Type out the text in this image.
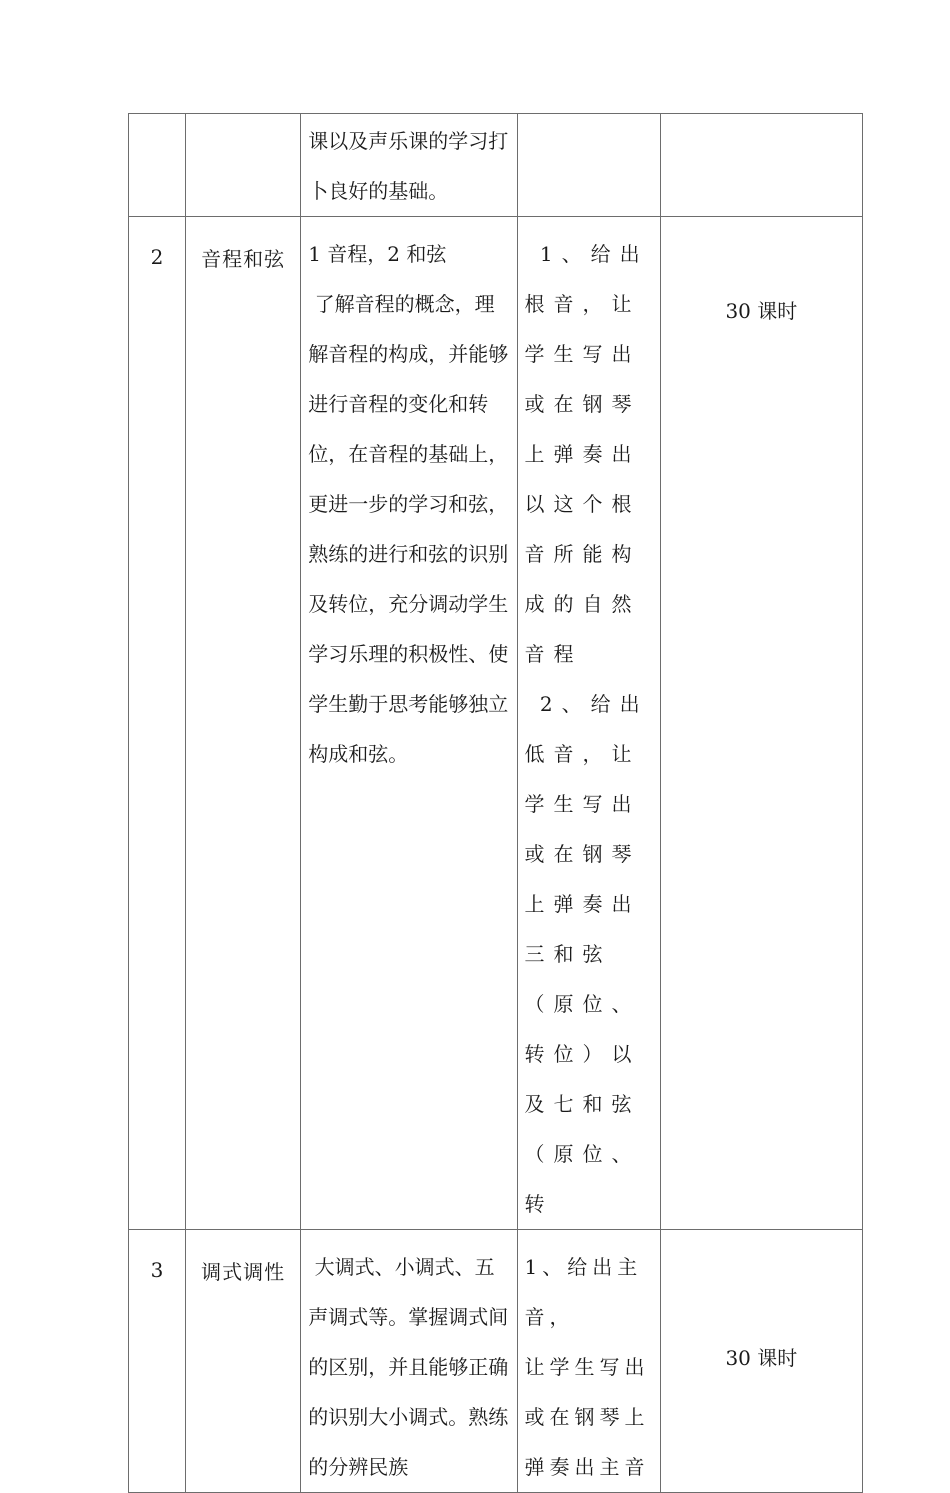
		课以及声乐课的学习打卜良好的基础。		
2	音程和弦	1 音程，2 和弦
了解音程的概念，理解音程的构成，并能够进行音程的变化和转位，在音程的基础上，更进一步的学习和弦，熟练的进行和弦的识别及转位，充分调动学生学习乐理的积极性、使学生勤于思考能够独立构成和弦。	1、给出根音，让学生写出或在钢琴上弹奏出以这个根音所能构成的自然音程
2、给出低音，让学生写出或在钢琴上弹奏出三和弦（原位、转位）以及七和弦（原位、转	30 课时
3	调式调性	大调式、小调式、五声调式等。掌握调式间的区别，并且能够正确的识别大小调式。熟练的分辨民族	1、给出主音，
让学生写出或在钢琴上弹奏出主音	30 课时
